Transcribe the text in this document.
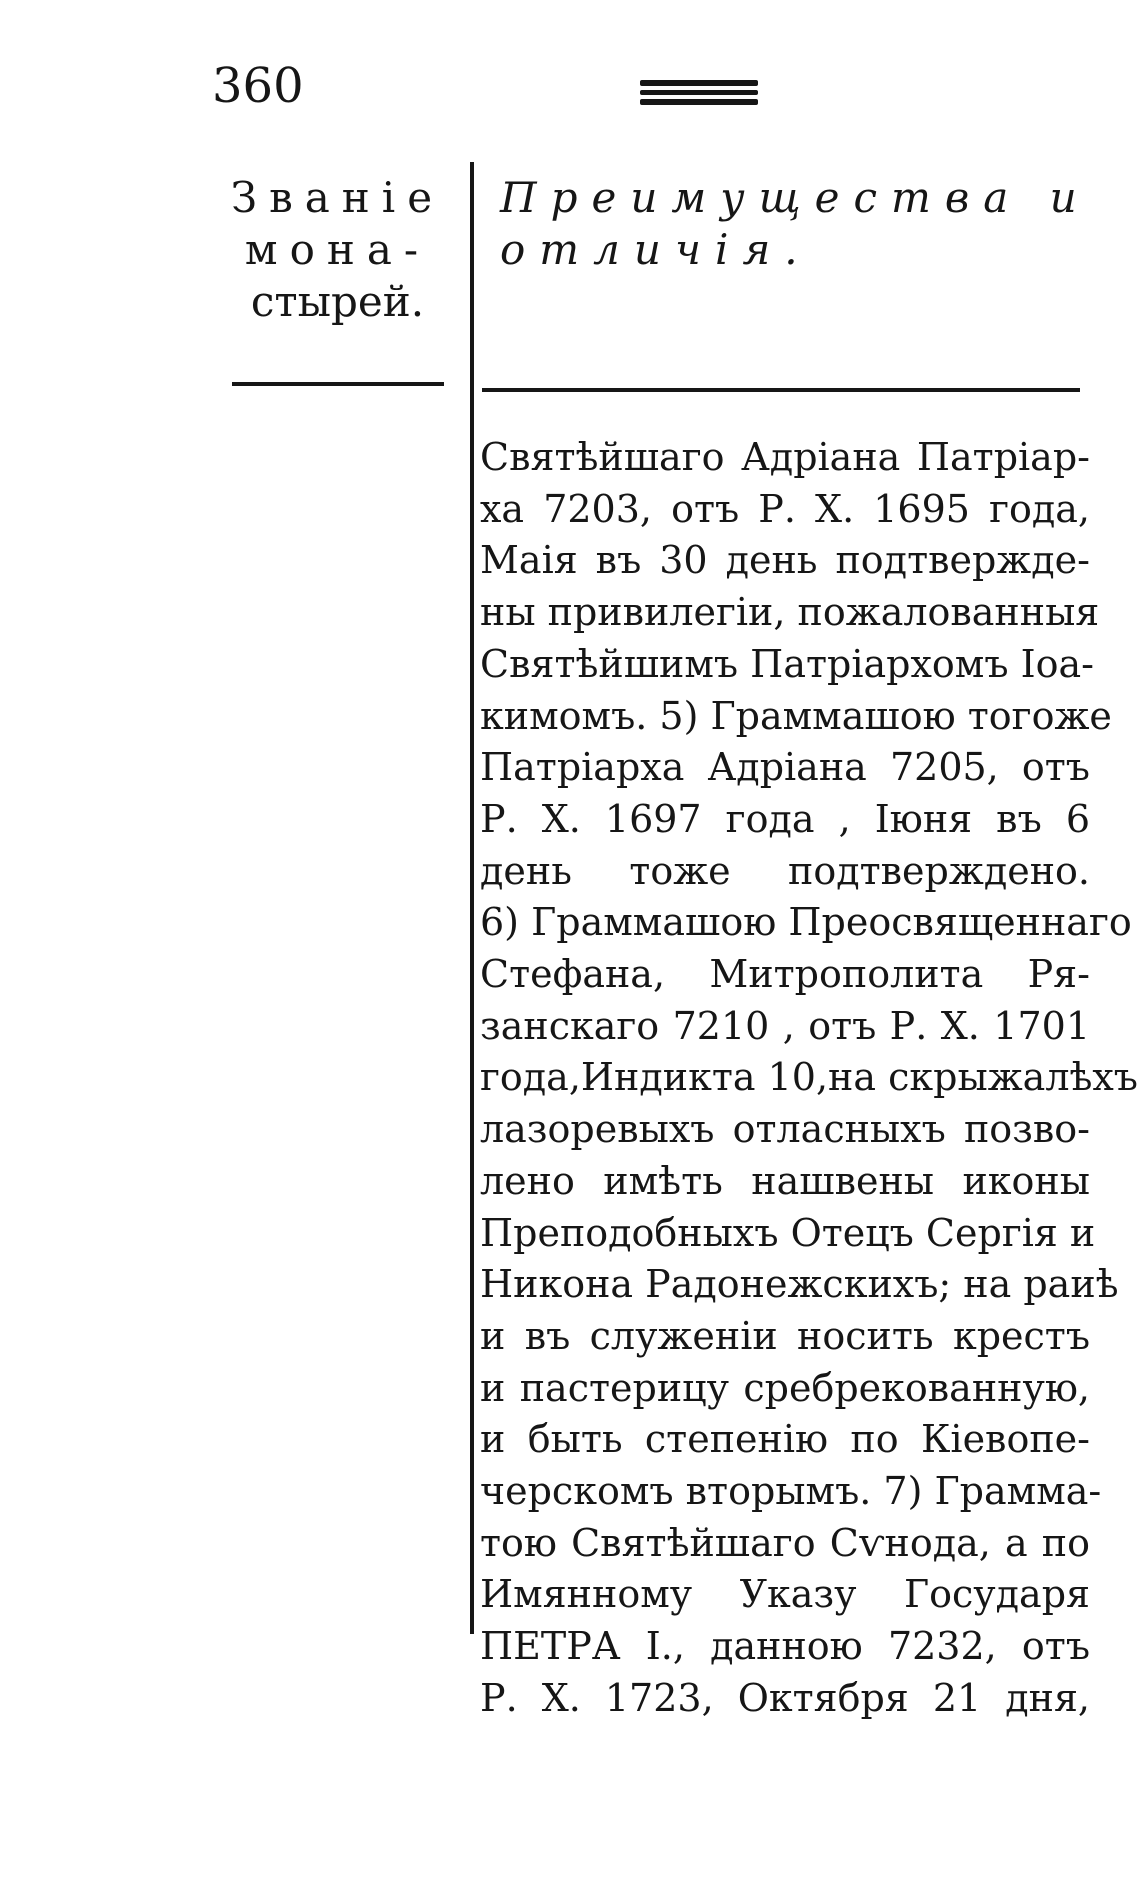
360
Званіе
мона-
стырей.
Преимущества и
отличія.
Святѣйшаго Адріана Патріар-
ха 7203, отъ Р. Х. 1695 года,
Маія въ 30 день подтвержде-
ны привилегіи, пожалованныя
Святѣйшимъ Патріархомъ Іоа-
кимомъ. 5) Граммашою тогоже
Патріарха Адріана 7205, отъ
Р. Х. 1697 года , Іюня въ 6
день тоже подтверждено.
6) Граммашою Преосвященнаго
Стефана, Митрополита Ря-
занскаго 7210 , отъ Р. Х. 1701
года,Индикта 10,на скрыжалѣхъ
лазоревыхъ отласныхъ позво-
лено имѣть нашвены иконы
Преподобныхъ Отецъ Сергія и
Никона Радонежскихъ; на раиѣ
и въ служеніи носить крестъ
и пастерицу сребрекованную,
и быть степенію по Кіевопе-
черскомъ вторымъ. 7) Грамма-
тою Святѣйшаго Сѵнода, а по
Имянному Указу Государя
ПЕТРА I., данною 7232, отъ
Р. Х. 1723, Октября 21 дня,
